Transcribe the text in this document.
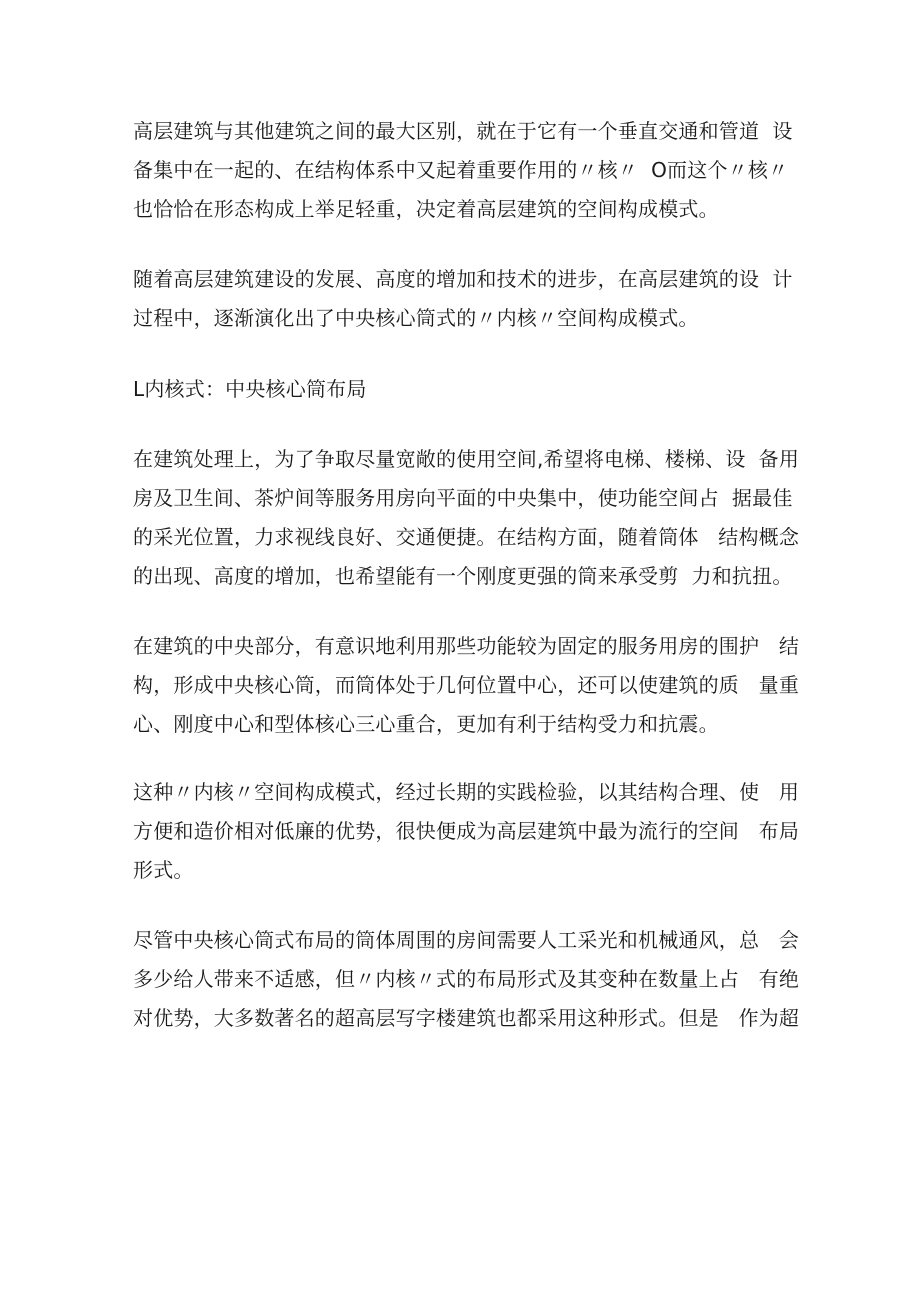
高层建筑与其他建筑之间的最大区别，就在于它有一个垂直交通和管道  设
备集中在一起的、在结构体系中又起着重要作用的〃核〃  O而这个〃核〃
也恰恰在形态构成上举足轻重，决定着高层建筑的空间构成模式。

随着高层建筑建设的发展、高度的增加和技术的进步，在高层建筑的设  计
过程中，逐渐演化出了中央核心筒式的〃内核〃空间构成模式。

L内核式：中央核心筒布局

在建筑处理上，为了争取尽量宽敞的使用空间,希望将电梯、楼梯、设  备用
房及卫生间、茶炉间等服务用房向平面的中央集中，使功能空间占  据最佳
的采光位置，力求视线良好、交通便捷。在结构方面，随着筒体   结构概念
的出现、高度的增加，也希望能有一个刚度更强的筒来承受剪  力和抗扭。

在建筑的中央部分，有意识地利用那些功能较为固定的服务用房的围护   结
构，形成中央核心筒，而筒体处于几何位置中心，还可以使建筑的质   量重
心、刚度中心和型体核心三心重合，更加有利于结构受力和抗震。

这种〃内核〃空间构成模式，经过长期的实践检验，以其结构合理、使   用
方便和造价相对低廉的优势，很快便成为高层建筑中最为流行的空间   布局
形式。

尽管中央核心筒式布局的筒体周围的房间需要人工采光和机械通风，总   会
多少给人带来不适感，但〃内核〃式的布局形式及其变种在数量上占   有绝
对优势，大多数著名的超高层写字楼建筑也都采用这种形式。但是   作为超
